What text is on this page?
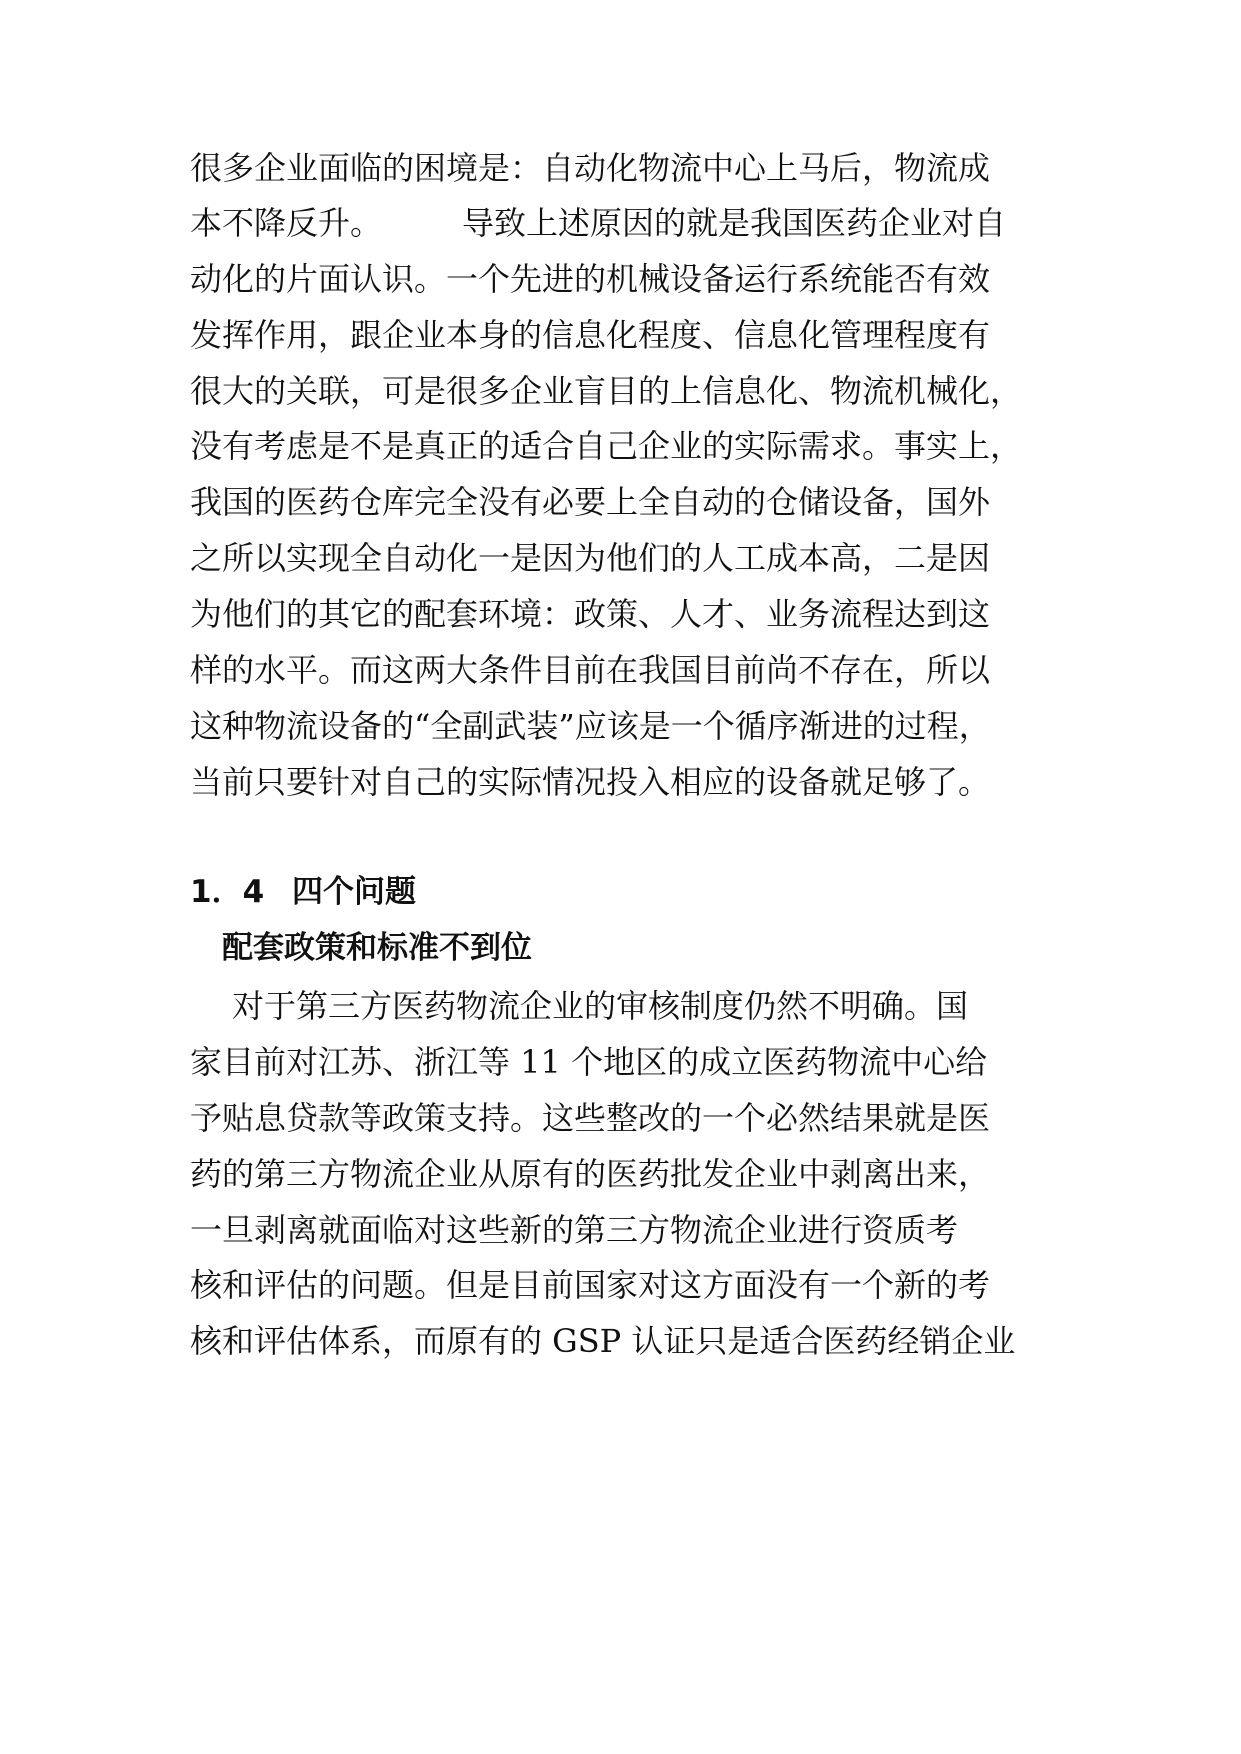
很多企业面临的困境是：自动化物流中心上马后，物流成
本不降反升。　　　导致上述原因的就是我国医药企业对自
动化的片面认识。一个先进的机械设备运行系统能否有效
发挥作用，跟企业本身的信息化程度、信息化管理程度有
很大的关联，可是很多企业盲目的上信息化、物流机械化，
没有考虑是不是真正的适合自己企业的实际需求。事实上，
我国的医药仓库完全没有必要上全自动的仓储设备，国外
之所以实现全自动化一是因为他们的人工成本高，二是因
为他们的其它的配套环境：政策、人才、业务流程达到这
样的水平。而这两大条件目前在我国目前尚不存在，所以
这种物流设备的“全副武装”应该是一个循序渐进的过程，
当前只要针对自己的实际情况投入相应的设备就足够了。
1．4 四个问题
配套政策和标准不到位
对于第三方医药物流企业的审核制度仍然不明确。国
家目前对江苏、浙江等 11 个地区的成立医药物流中心给
予贴息贷款等政策支持。这些整改的一个必然结果就是医
药的第三方物流企业从原有的医药批发企业中剥离出来，
一旦剥离就面临对这些新的第三方物流企业进行资质考
核和评估的问题。但是目前国家对这方面没有一个新的考
核和评估体系，而原有的 GSP 认证只是适合医药经销企业
